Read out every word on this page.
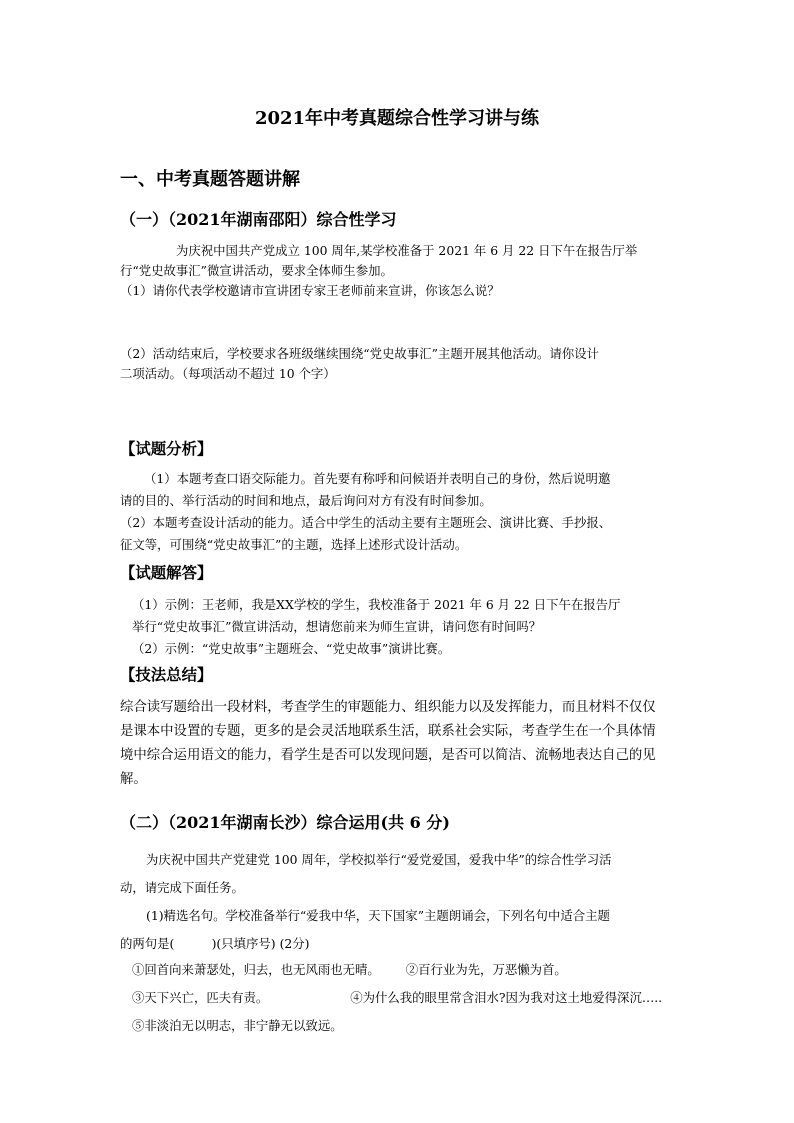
2021年中考真题综合性学习讲与练
一、中考真题答题讲解
（一）（2021年湖南邵阳）综合性学习
为庆祝中国共产党成立 100 周年,某学校准备于 2021 年 6 月 22 日下午在报告厅举
行“党史故事汇”微宣讲活动，要求全体师生参加。
（1）请你代表学校邀请市宣讲团专家王老师前来宣讲，你该怎么说？
（2）活动结束后，学校要求各班级继续围绕“党史故事汇”主题开展其他活动。请你设计
二项活动。（每项活动不超过 10 个字）
【试题分析】
（1）本题考查口语交际能力。首先要有称呼和问候语并表明自己的身份，然后说明邀
请的目的、举行活动的时间和地点，最后询问对方有没有时间参加。
（2）本题考查设计活动的能力。适合中学生的活动主要有主题班会、演讲比赛、手抄报、
征文等，可围绕“党史故事汇”的主题，选择上述形式设计活动。
【试题解答】
（1）示例：王老师，我是XX学校的学生，我校准备于 2021 年 6 月 22 日下午在报告厅
举行“党史故事汇”微宣讲活动，想请您前来为师生宣讲，请问您有时间吗？
（2）示例：“党史故事”主题班会、“党史故事”演讲比赛。
【技法总结】
综合读写题给出一段材料，考查学生的审题能力、组织能力以及发挥能力，而且材料不仅仅
是课本中设置的专题，更多的是会灵活地联系生活，联系社会实际，考查学生在一个具体情
境中综合运用语文的能力，看学生是否可以发现问题，是否可以简洁、流畅地表达自己的见
解。
（二）（2021年湖南长沙）综合运用(共 6 分)
为庆祝中国共产党建党 100 周年，学校拟举行“爱党爱国，爱我中华”的综合性学习活
动，请完成下面任务。
(1)精选名句。学校准备举行“爱我中华，天下国家”主题朗诵会，下列名句中适合主题
的两句是(　　　)(只填序号) (2分)
①回首向来萧瑟处，归去，也无风雨也无晴。 ②百行业为先，万恶懒为首。
③天下兴亡，匹夫有责。	④为什么我的眼里常含泪水?因为我对这土地爱得深沉…..
⑤非淡泊无以明志，非宁静无以致远。
